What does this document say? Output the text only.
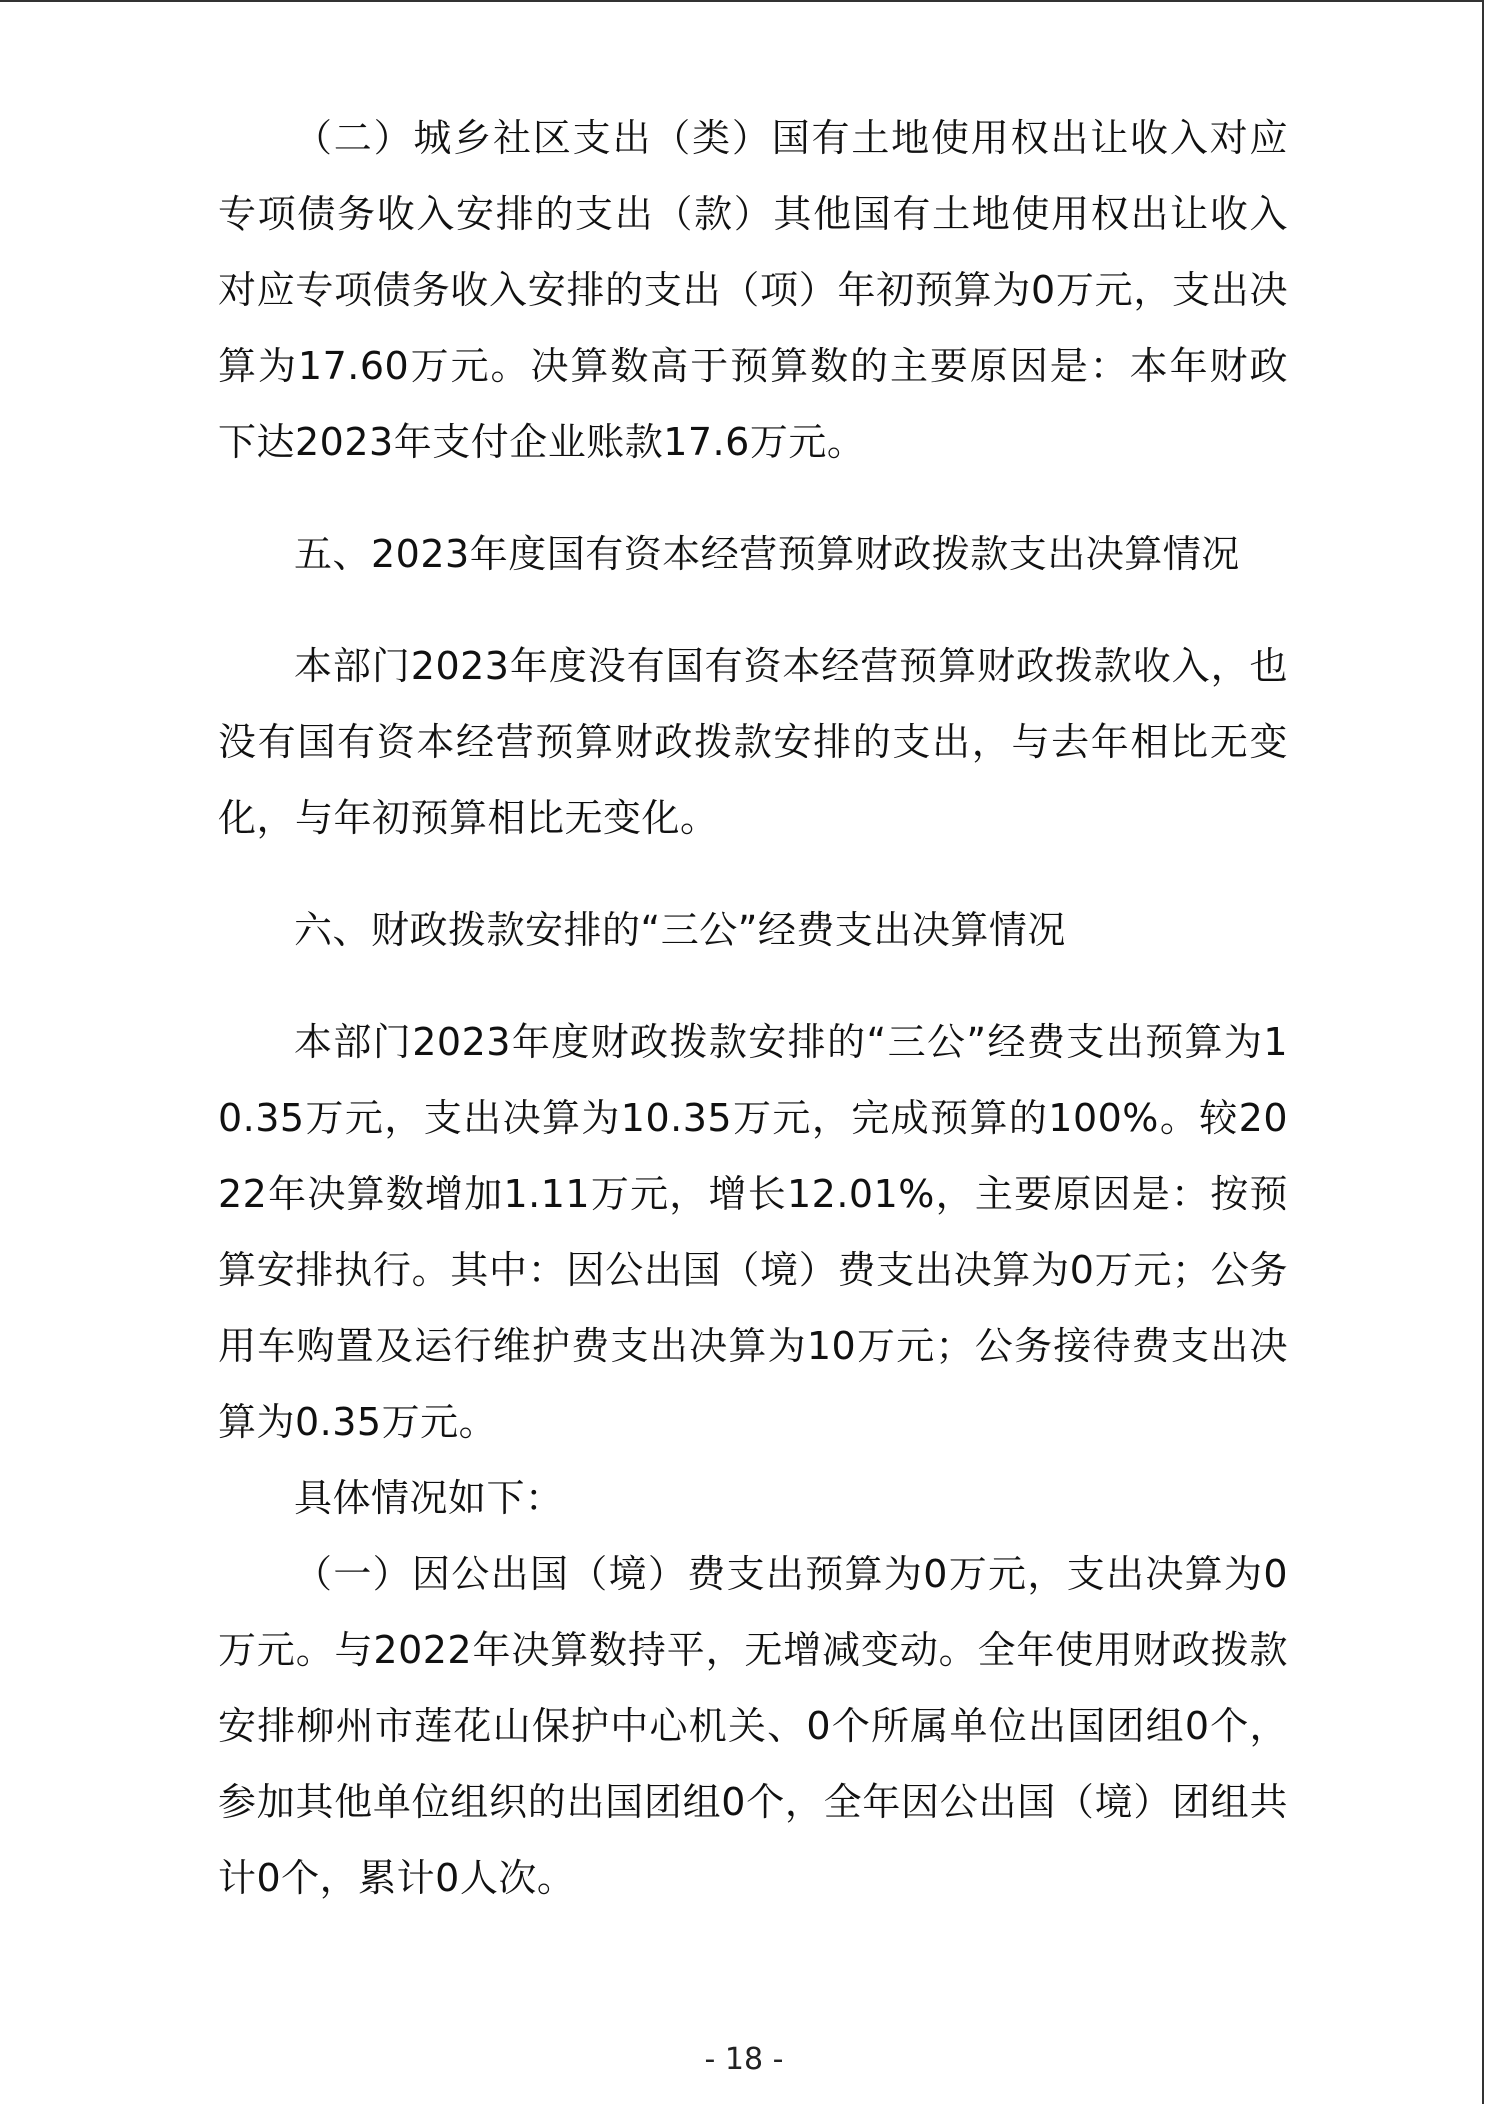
（二）城乡社区支出（类）国有土地使用权出让收入对应专项债务收入安排的支出（款）其他国有土地使用权出让收入对应专项债务收入安排的支出（项）年初预算为0万元，支出决算为17.60万元。决算数高于预算数的主要原因是：本年财政下达2023年支付企业账款17.6万元。

五、2023年度国有资本经营预算财政拨款支出决算情况

本部门2023年度没有国有资本经营预算财政拨款收入，也没有国有资本经营预算财政拨款安排的支出，与去年相比无变化，与年初预算相比无变化。

六、财政拨款安排的“三公”经费支出决算情况

本部门2023年度财政拨款安排的“三公”经费支出预算为10.35万元，支出决算为10.35万元，完成预算的100%。较2022年决算数增加1.11万元，增长12.01%，主要原因是：按预算安排执行。其中：因公出国（境）费支出决算为0万元；公务用车购置及运行维护费支出决算为10万元；公务接待费支出决算为0.35万元。

具体情况如下：

（一）因公出国（境）费支出预算为0万元，支出决算为0万元。与2022年决算数持平，无增减变动。全年使用财政拨款安排柳州市莲花山保护中心机关、0个所属单位出国团组0个，参加其他单位组织的出国团组0个，全年因公出国（境）团组共计0个，累计0人次。

- 18 -
